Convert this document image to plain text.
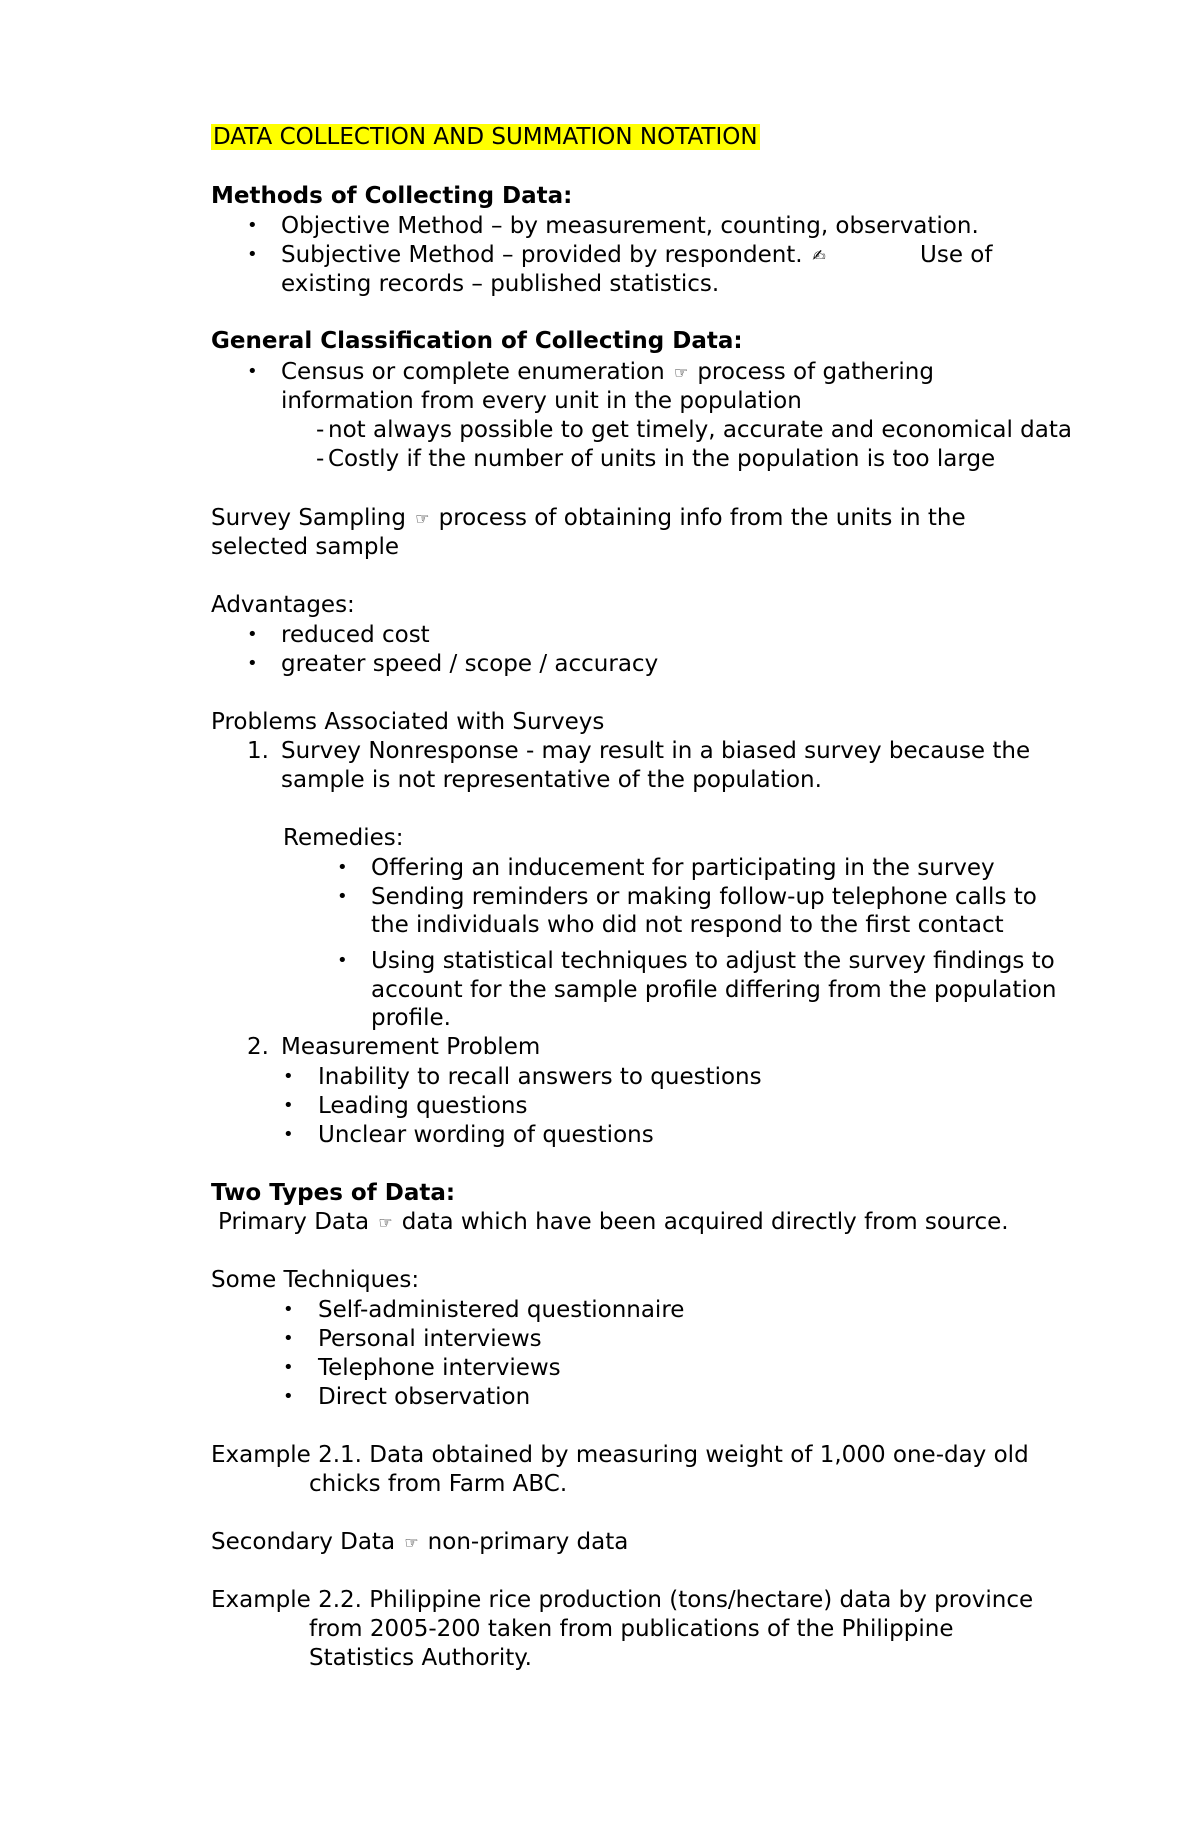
DATA COLLECTION AND SUMMATION NOTATION
Methods of Collecting Data:
• Objective Method – by measurement, counting, observation.
• Subjective Method – provided by respondent. ✍	Use of
existing records – published statistics.
General Classification of Collecting Data:
• Census or complete enumeration ☞ process of gathering
information from every unit in the population
- not always possible to get timely, accurate and economical data
- Costly if the number of units in the population is too large
Survey Sampling ☞ process of obtaining info from the units in the
selected sample
Advantages:
• reduced cost
• greater speed / scope / accuracy
Problems Associated with Surveys
1. Survey Nonresponse - may result in a biased survey because the
sample is not representative of the population.
Remedies:
• Offering an inducement for participating in the survey
• Sending reminders or making follow-up telephone calls to
the individuals who did not respond to the first contact
• Using statistical techniques to adjust the survey findings to
account for the sample profile differing from the population
profile.
2. Measurement Problem
• Inability to recall answers to questions
• Leading questions
• Unclear wording of questions
Two Types of Data:
Primary Data ☞ data which have been acquired directly from source.
Some Techniques:
• Self-administered questionnaire
• Personal interviews
• Telephone interviews
• Direct observation
Example 2.1. Data obtained by measuring weight of 1,000 one-day old
chicks from Farm ABC.
Secondary Data ☞ non-primary data
Example 2.2. Philippine rice production (tons/hectare) data by province
from 2005-200 taken from publications of the Philippine
Statistics Authority.
